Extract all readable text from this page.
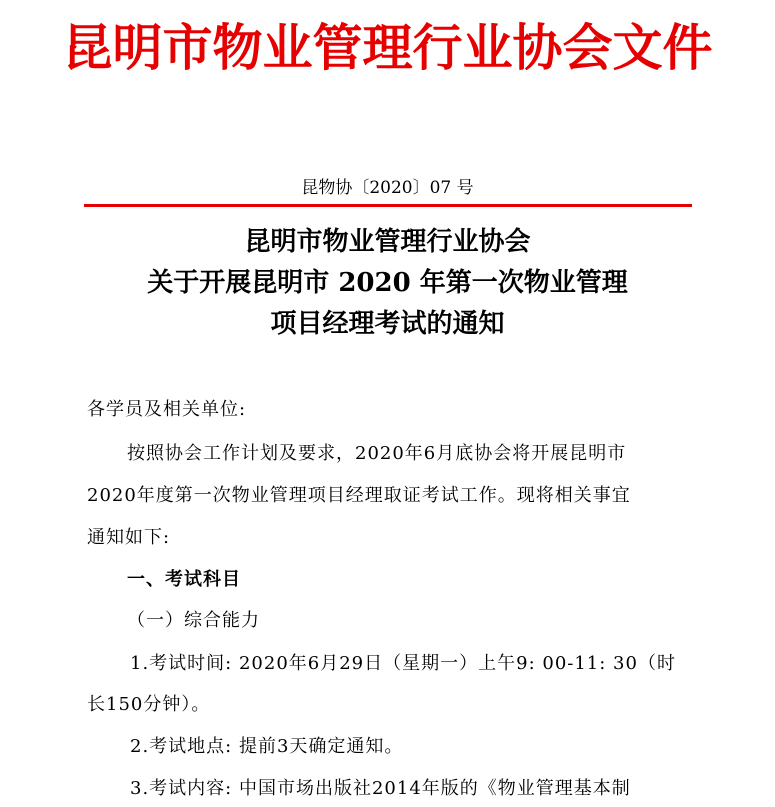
昆明市物业管理行业协会文件
昆物协〔2020〕07 号
昆明市物业管理行业协会
关于开展昆明市 2020 年第一次物业管理
项目经理考试的通知
各学员及相关单位:
按照协会工作计划及要求，2020年6月底协会将开展昆明市
2020年度第一次物业管理项目经理取证考试工作。现将相关事宜
通知如下:
一、考试科目
（一）综合能力
1.考试时间: 2020年6月29日（星期一）上午9: 00-11: 30（时
长150分钟）。
2.考试地点: 提前3天确定通知。
3.考试内容: 中国市场出版社2014年版的《物业管理基本制
